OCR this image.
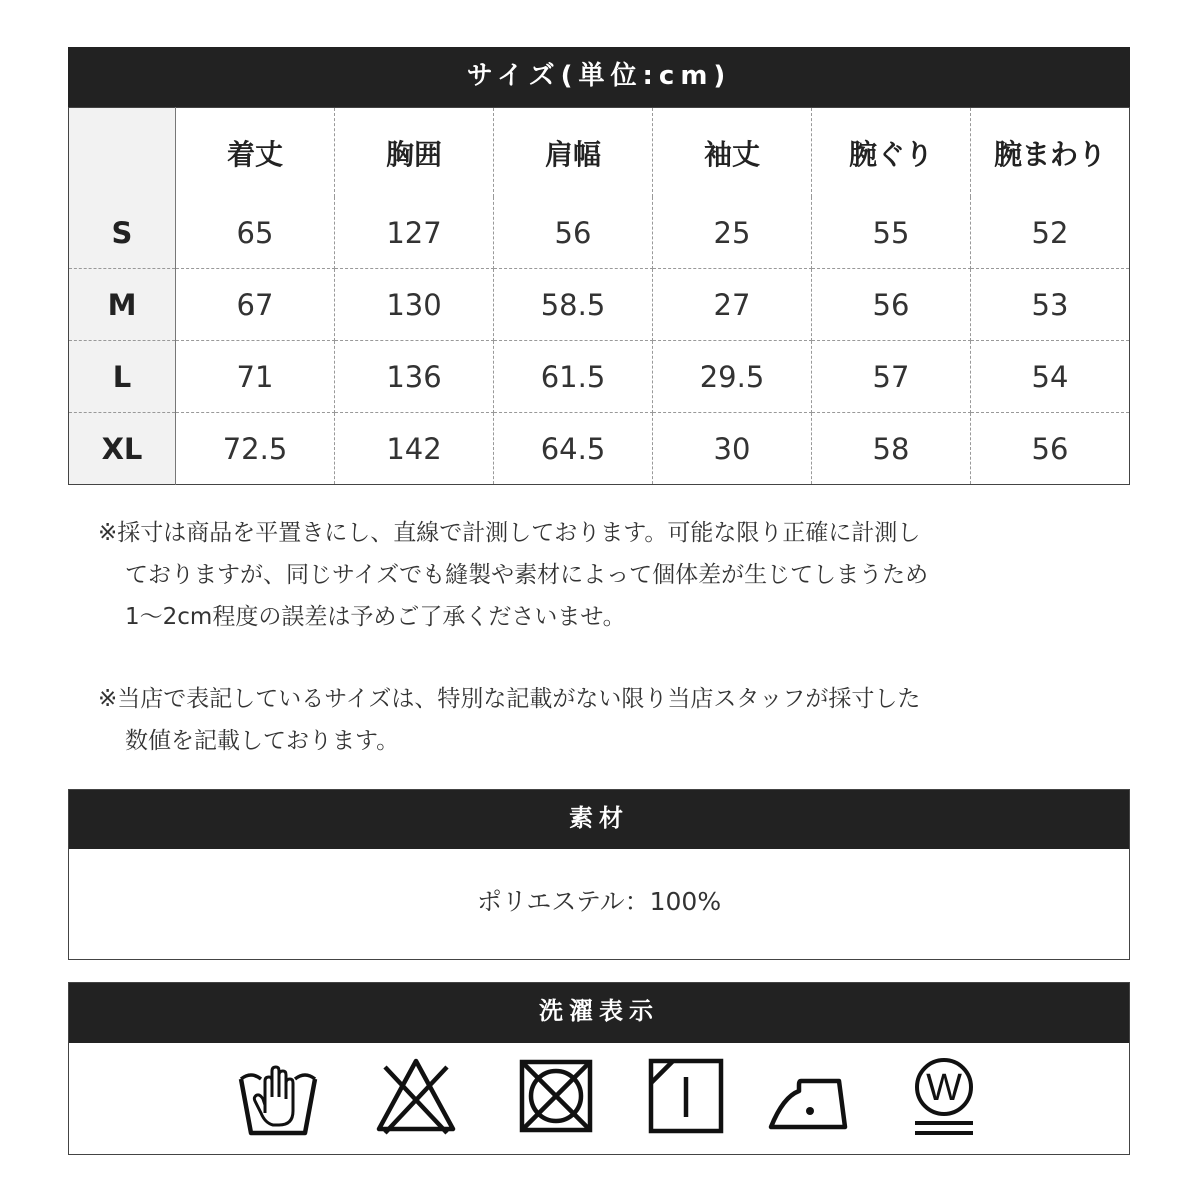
サイズ(単位:cm)
	着丈	胸囲	肩幅	袖丈	腕ぐり	腕まわり
S	65	127	56	25	55	52
M	67	130	58.5	27	56	53
L	71	136	61.5	29.5	57	54
XL	72.5	142	64.5	30	58	56

※採寸は商品を平置きにし、直線で計測しております。可能な限り正確に計測し

ておりますが、同じサイズでも縫製や素材によって個体差が生じてしまうため

1～2cm程度の誤差は予めご了承くださいませ。

※当店で表記しているサイズは、特別な記載がない限り当店スタッフが採寸した

数値を記載しております。

素材
ポリエステル：100%
洗濯表示
W
